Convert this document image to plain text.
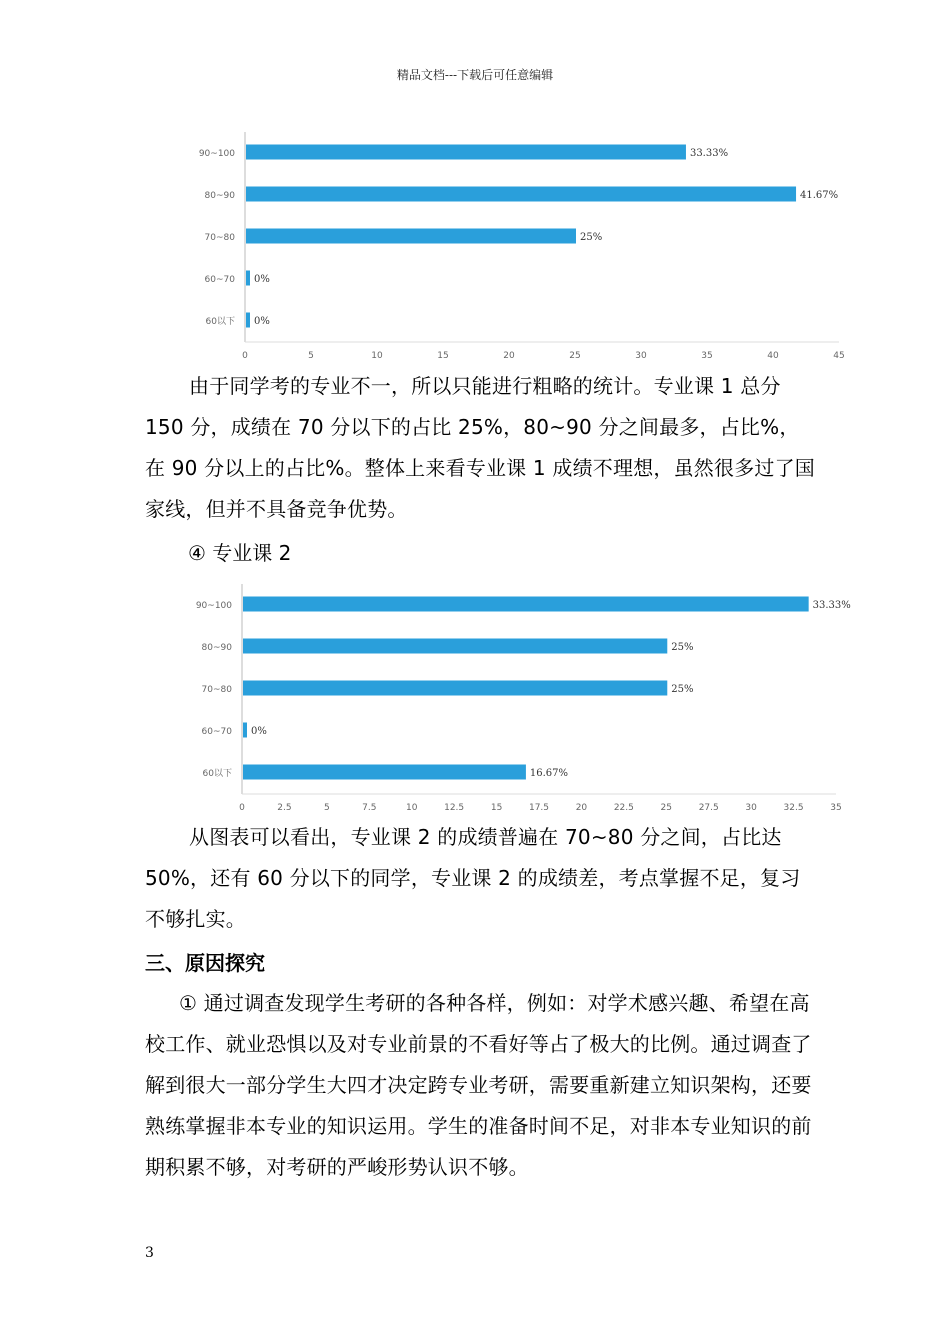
精品文档---下载后可任意编辑
90~100	33.33%
80~90	41.67%
70~80	25%
60~70 0%
60以下 0%
0	5	10	15	20	25	30	35	40	45

由于同学考的专业不一，所以只能进行粗略的统计。专业课 1 总分 150 分，成绩在 70 分以下的占比 25%，80~90 分之间最多，占比%，在 90 分以上的占比%。整体上来看专业课 1 成绩不理想，虽然很多过了国家线，但并不具备竞争优势。

④ 专业课 2

90~100	33.33%
80~90	25%
70~80	25%
60~70 0%
60以下	16.67%
0	2.5	5	7.5	10	12.5	15	17.5	20	22.5	25	27.5	30	32.5	35

从图表可以看出，专业课 2 的成绩普遍在 70~80 分之间，占比达 50%，还有 60 分以下的同学，专业课 2 的成绩差，考点掌握不足，复习不够扎实。

三、原因探究

① 通过调查发现学生考研的各种各样，例如：对学术感兴趣、希望在高校工作、就业恐惧以及对专业前景的不看好等占了极大的比例。通过调查了解到很大一部分学生大四才决定跨专业考研，需要重新建立知识架构，还要熟练掌握非本专业的知识运用。学生的准备时间不足，对非本专业知识的前期积累不够，对考研的严峻形势认识不够。

3
